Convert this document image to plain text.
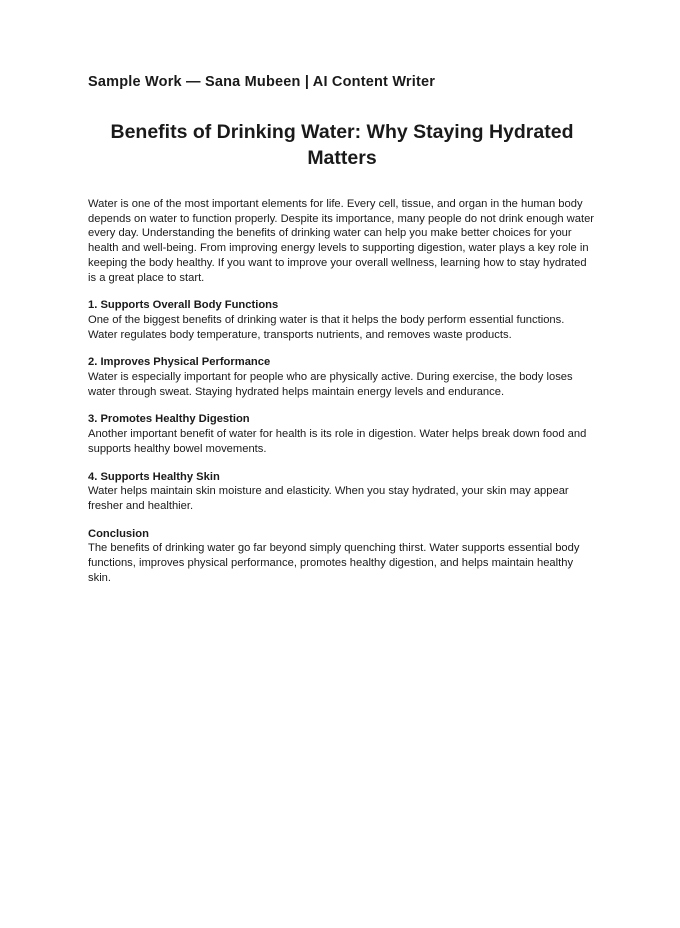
Sample Work — Sana Mubeen | AI Content Writer
Benefits of Drinking Water: Why Staying Hydrated Matters

Water is one of the most important elements for life. Every cell, tissue, and organ in the human body depends on water to function properly. Despite its importance, many people do not drink enough water every day. Understanding the benefits of drinking water can help you make better choices for your health and well-being. From improving energy levels to supporting digestion, water plays a key role in keeping the body healthy. If you want to improve your overall wellness, learning how to stay hydrated is a great place to start.

1. Supports Overall Body Functions

One of the biggest benefits of drinking water is that it helps the body perform essential functions. Water regulates body temperature, transports nutrients, and removes waste products.

2. Improves Physical Performance

Water is especially important for people who are physically active. During exercise, the body loses water through sweat. Staying hydrated helps maintain energy levels and endurance.

3. Promotes Healthy Digestion

Another important benefit of water for health is its role in digestion. Water helps break down food and supports healthy bowel movements.

4. Supports Healthy Skin

Water helps maintain skin moisture and elasticity. When you stay hydrated, your skin may appear fresher and healthier.

Conclusion

The benefits of drinking water go far beyond simply quenching thirst. Water supports essential body functions, improves physical performance, promotes healthy digestion, and helps maintain healthy skin.
